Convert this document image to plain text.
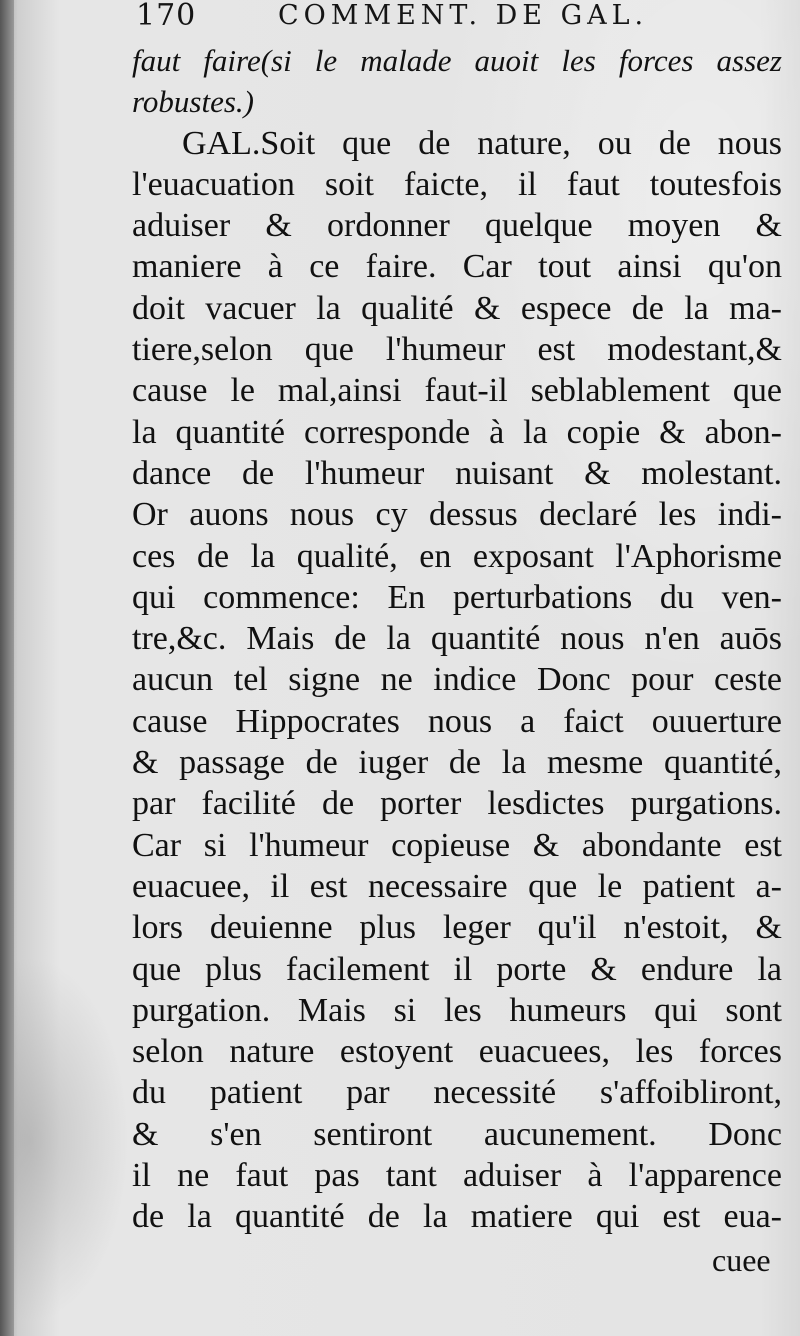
170	COMMENT. DE GAL.
faut faire(si le malade auoit les forces assez
robustes.)
GAL.Soit que de nature, ou de nous
l'euacuation soit faicte, il faut toutesfois
aduiser & ordonner quelque moyen &
maniere à ce faire. Car tout ainsi qu'on
doit vacuer la qualité & espece de la ma-
tiere,selon que l'humeur est modestant,&
cause le mal,ainsi faut-il seblablement que
la quantité corresponde à la copie & abon-
dance de l'humeur nuisant & molestant.
Or auons nous cy dessus declaré les indi-
ces de la qualité, en exposant l'Aphorisme
qui commence: En perturbations du ven-
tre,&c. Mais de la quantité nous n'en auōs
aucun tel signe ne indice Donc pour ceste
cause Hippocrates nous a faict ouuerture
& passage de iuger de la mesme quantité,
par facilité de porter lesdictes purgations.
Car si l'humeur copieuse & abondante est
euacuee, il est necessaire que le patient a-
lors deuienne plus leger qu'il n'estoit, &
que plus facilement il porte & endure la
purgation. Mais si les humeurs qui sont
selon nature estoyent euacuees, les forces
du patient par necessité s'affoibliront,
& s'en sentiront aucunement. Donc
il ne faut pas tant aduiser à l'apparence
de la quantité de la matiere qui est eua-
cuee
